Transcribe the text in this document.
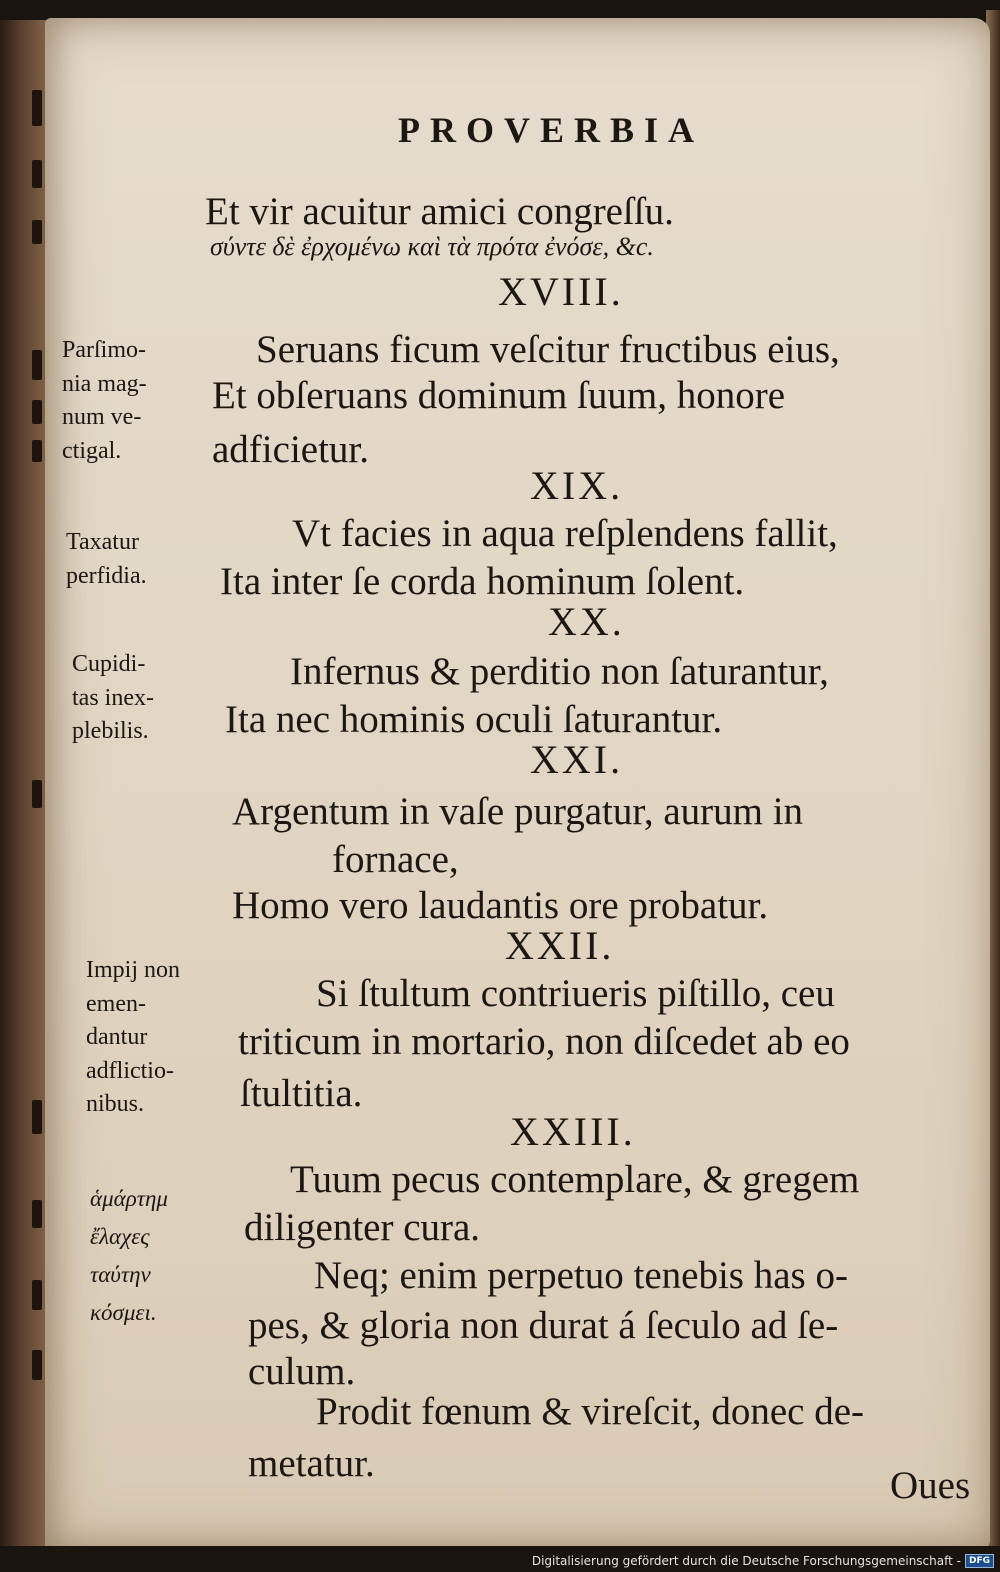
PROVERBIA
Et vir acuitur amici congreſſu.
σύντε δὲ ἐρχομένω καὶ τὰ πρότα ἐνόσε, &c.
XVIII.
Seruans ficum veſcitur fructibus eius,
Et obſeruans dominum ſuum, honore
adficietur.
XIX.
Vt facies in aqua reſplendens fallit,
Ita inter ſe corda hominum ſolent.
XX.
Infernus & perditio non ſaturantur,
Ita nec hominis oculi ſaturantur.
XXI.
Argentum in vaſe purgatur, aurum in
fornace,
Homo vero laudantis ore probatur.
XXII.
Si ſtultum contriueris piſtillo, ceu
triticum in mortario, non diſcedet ab eo
ſtultitia.
XXIII.
Tuum pecus contemplare, & gregem
diligenter cura.
Neq; enim perpetuo tenebis has o-
pes, & gloria non durat á ſeculo ad ſe-
culum.
Prodit fœnum & vireſcit, donec de-
metatur.
Oues
Parſimo-
nia mag-
num ve-
ctigal.
Taxatur
perfidia.
Cupidi-
tas inex-
plebilis.
Impij non
emen-
dantur
adflictio-
nibus.
ἁμάρτημ
ἔλαχες
ταύτην
κόσμει.
Digitalisierung gefördert durch die Deutsche Forschungsgemeinschaft - DFG
